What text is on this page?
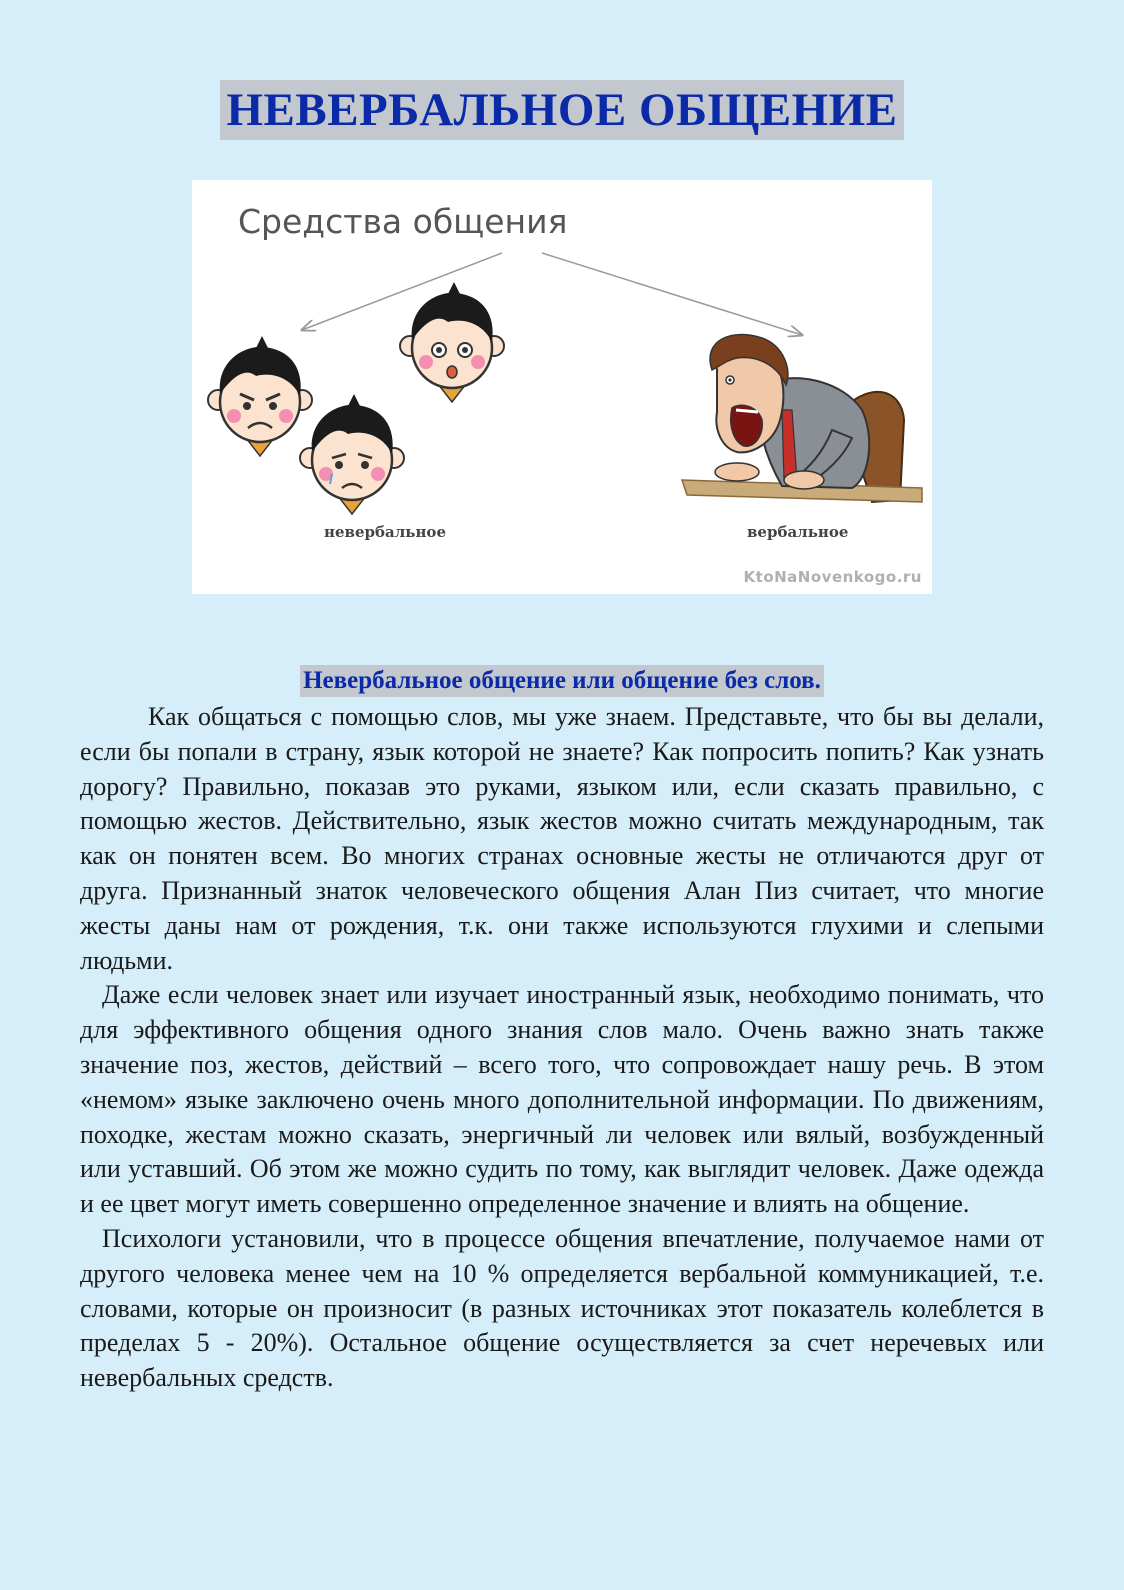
НЕВЕРБАЛЬНОЕ ОБЩЕНИЕ
Средства общения
невербальное	вербальное
KtoNaNovenkogo.ru
Невербальное общение или общение без слов.

Как общаться с помощью слов, мы уже знаем. Представьте, что бы вы делали, если бы попали в страну, язык которой не знаете? Как попросить попить? Как узнать дорогу? Правильно, показав это руками, языком или, если сказать правильно, с помощью жестов. Действительно, язык жестов можно считать международным, так как он понятен всем. Во многих странах основные жесты не отличаются друг от друга. Признанный знаток человеческого общения Алан Пиз считает, что многие жесты даны нам от рождения, т.к. они также используются глухими и слепыми людьми.

Даже если человек знает или изучает иностранный язык, необходимо понимать, что для эффективного общения одного знания слов мало. Очень важно знать также значение поз, жестов, действий – всего того, что сопровождает нашу речь. В этом «немом» языке заключено очень много дополнительной информации. По движениям, походке, жестам можно сказать, энергичный ли человек или вялый, возбужденный или уставший. Об этом же можно судить по тому, как выглядит человек. Даже одежда и ее цвет могут иметь совершенно определенное значение и влиять на общение.

Психологи установили, что в процессе общения впечатление, получаемое нами от другого человека менее чем на 10 % определяется вербальной коммуникацией, т.е. словами, которые он произносит (в разных источниках этот показатель колеблется в пределах 5 - 20%). Остальное общение осуществляется за счет неречевых или невербальных средств.
